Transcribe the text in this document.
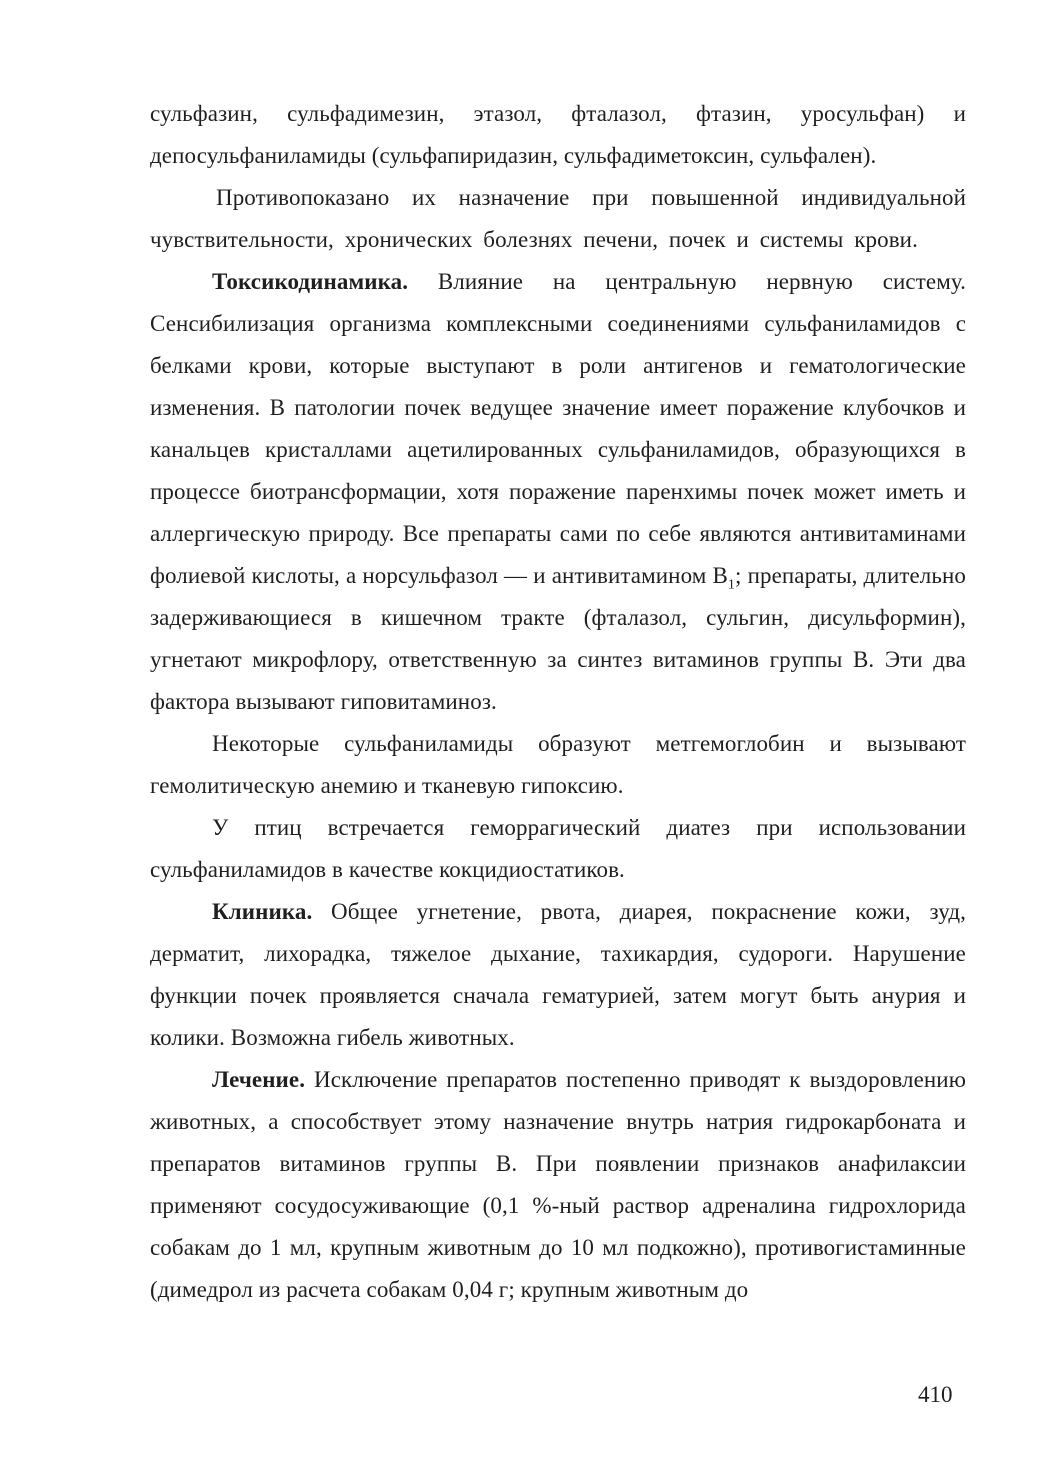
сульфазин, сульфадимезин, этазол, фталазол, фтазин, уросульфан) и депосульфаниламиды (сульфапиридазин, сульфадиметоксин, сульфален).

Противопоказано их назначение при повышенной индивидуальной чувствительности, хронических болезнях печени, почек и системы крови.

Токсикодинамика. Влияние на центральную нервную систему. Сенсибилизация организма комплексными соединениями сульфаниламидов с белками крови, которые выступают в роли антигенов и гематологические изменения. В патологии почек ведущее значение имеет поражение клубочков и канальцев кристаллами ацетилированных сульфаниламидов, образующихся в процессе биотрансформации, хотя поражение паренхимы почек может иметь и аллергическую природу. Все препараты сами по себе являются антивитаминами фолиевой кислоты, а норсульфазол — и антивитамином $В_1$; препараты, длительно задерживающиеся в кишечном тракте (фталазол, сульгин, дисульформин), угнетают микрофлору, ответственную за синтез витаминов группы В. Эти два фактора вызывают гиповитаминоз.

Некоторые сульфаниламиды образуют метгемоглобин и вызывают гемолитическую анемию и тканевую гипоксию.

У птиц встречается геморрагический диатез при использовании сульфаниламидов в качестве кокцидиостатиков.

Клиника. Общее угнетение, рвота, диарея, покраснение кожи, зуд, дерматит, лихорадка, тяжелое дыхание, тахикардия, судороги. Нарушение функции почек проявляется сначала гематурией, затем могут быть анурия и колики. Возможна гибель животных.

Лечение. Исключение препаратов постепенно приводят к выздоровлению животных, а способствует этому назначение внутрь натрия гидрокарбоната и препаратов витаминов группы В. При появлении признаков анафилаксии применяют сосудосуживающие (0,1 %-ный раствор адреналина гидрохлорида собакам до 1 мл, крупным животным до 10 мл подкожно), противогистаминные (димедрол из расчета собакам 0,04 г; крупным животным до

410
